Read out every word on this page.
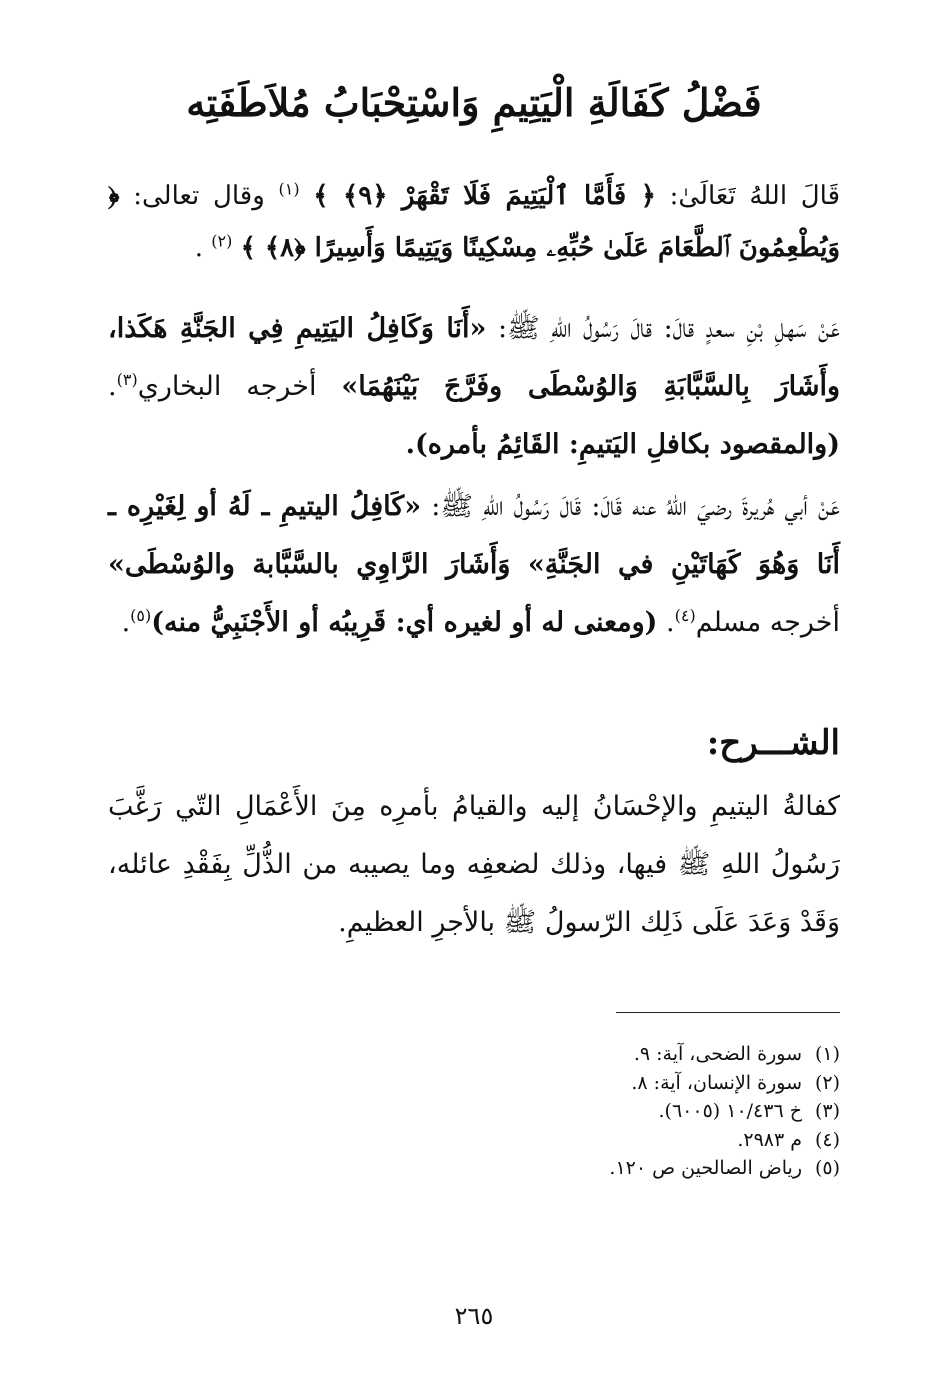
فَضْلُ كَفَالَةِ الْيَتِيمِ وَاسْتِحْبَابُ مُلاَطَفَتِه

قَالَ اللهُ تَعَالَىٰ: ﴿ فَأَمَّا ٱلْيَتِيمَ فَلَا تَقْهَرْ ﴿٩﴾ ﴾ $^{(١)}$ وقال تعالى: ﴿ وَيُطْعِمُونَ ٱلطَّعَامَ عَلَىٰ حُبِّهِۦ مِسْكِينًا وَيَتِيمًا وَأَسِيرًا ﴿٨﴾ ﴾ $^{(٢)}$ .

عَنْ سَهلِ بْنِ سعدٍ قالَ: قالَ رَسُولُ اللهِ ﷺ: «أَنَا وَكَافِلُ اليَتِيمِ فِي الجَنَّةِ هَكَذا، وأَشَارَ بِالسَّبَّابَةِ وَالوُسْطَى وفَرَّجَ بَيْنَهُمَا» أخرجه البخاري$^{(٣)}$. (والمقصود بكافلِ اليَتيمِ: القَائِمُ بأمره).

عَنْ أبي هُريرةَ رضيَ اللهُ عنه قَالَ: قَالَ رَسُولُ اللهِ ﷺ: «كَافِلُ اليتيمِ ـ لَهُ أو لِغَيْرِه ـ أَنَا وَهُوَ كَهَاتَيْنِ في الجَنَّةِ» وَأَشَارَ الرَّاوِي بالسَّبَّابة والوُسْطَى» أخرجه مسلم$^{(٤)}$. (ومعنى له أو لغيره أي: قَرِيبُه أو الأَجْنَبِيُّ منه)$^{(٥)}$.

الشـــرح:

كفالةُ اليتيمِ والإحْسَانُ إليه والقيامُ بأمرِه مِنَ الأَعْمَالِ التّي رَغَّبَ رَسُولُ اللهِ ﷺ فيها، وذلك لضعفِه وما يصيبه من الذُّلِّ بِفَقْدِ عائله، وَقَدْ وَعَدَ عَلَى ذَلِك الرّسولُ ﷺ بالأجرِ العظيمِ.

(١)سورة الضحى، آية: ٩.
(٢)سورة الإنسان، آية: ٨.
(٣)خ ١٠/٤٣٦ (٦٠٠٥).
(٤)م ٢٩٨٣.
(٥)رياض الصالحين ص ١٢٠.
٢٦٥
